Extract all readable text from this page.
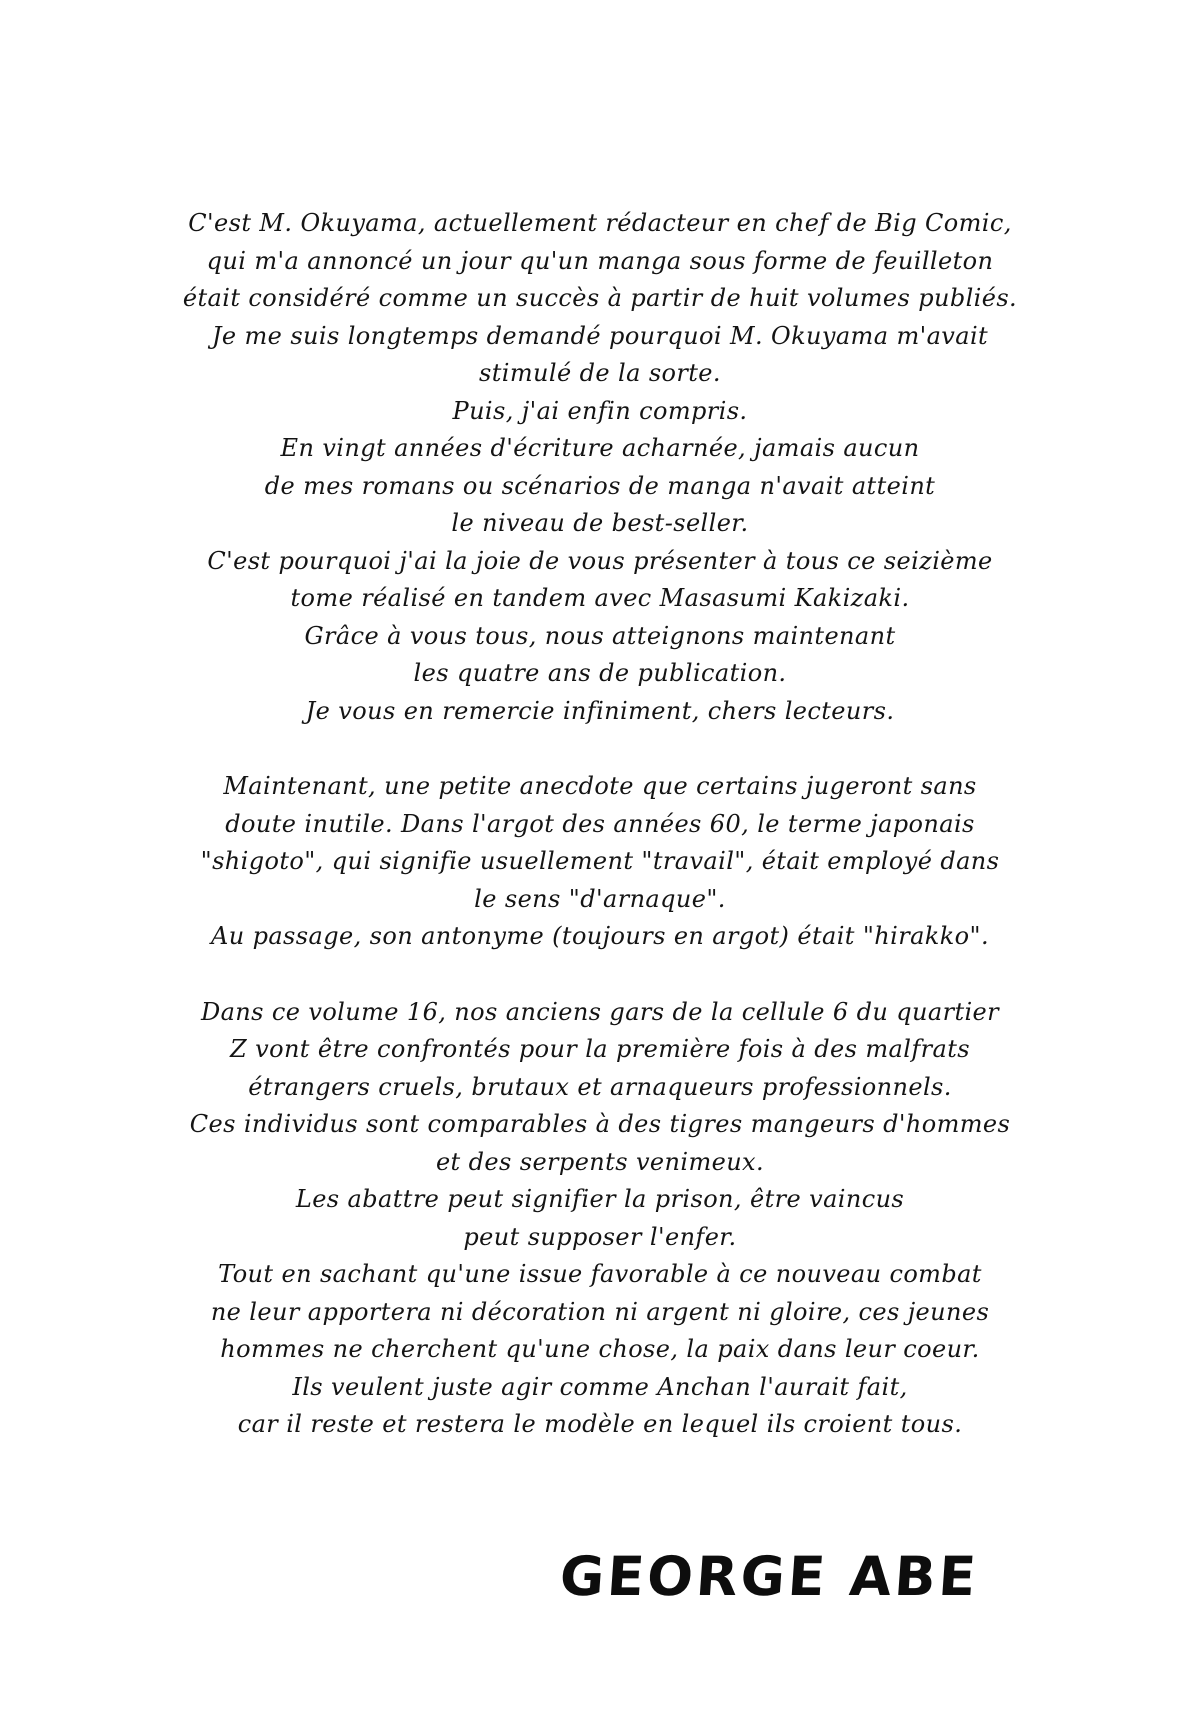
C'est M. Okuyama, actuellement rédacteur en chef de Big Comic,
qui m'a annoncé un jour qu'un manga sous forme de feuilleton
était considéré comme un succès à partir de huit volumes publiés.
Je me suis longtemps demandé pourquoi M. Okuyama m'avait
stimulé de la sorte.
Puis, j'ai enfin compris.
En vingt années d'écriture acharnée, jamais aucun
de mes romans ou scénarios de manga n'avait atteint
le niveau de best-seller.
C'est pourquoi j'ai la joie de vous présenter à tous ce seizième
tome réalisé en tandem avec Masasumi Kakizaki.
Grâce à vous tous, nous atteignons maintenant
les quatre ans de publication.
Je vous en remercie infiniment, chers lecteurs.

Maintenant, une petite anecdote que certains jugeront sans
doute inutile. Dans l'argot des années 60, le terme japonais
"shigoto", qui signifie usuellement "travail", était employé dans
le sens "d'arnaque".
Au passage, son antonyme (toujours en argot) était "hirakko".

Dans ce volume 16, nos anciens gars de la cellule 6 du quartier
Z vont être confrontés pour la première fois à des malfrats
étrangers cruels, brutaux et arnaqueurs professionnels.
Ces individus sont comparables à des tigres mangeurs d'hommes
et des serpents venimeux.
Les abattre peut signifier la prison, être vaincus
peut supposer l'enfer.
Tout en sachant qu'une issue favorable à ce nouveau combat
ne leur apportera ni décoration ni argent ni gloire, ces jeunes
hommes ne cherchent qu'une chose, la paix dans leur coeur.
Ils veulent juste agir comme Anchan l'aurait fait,
car il reste et restera le modèle en lequel ils croient tous.

GEORGE ABE
